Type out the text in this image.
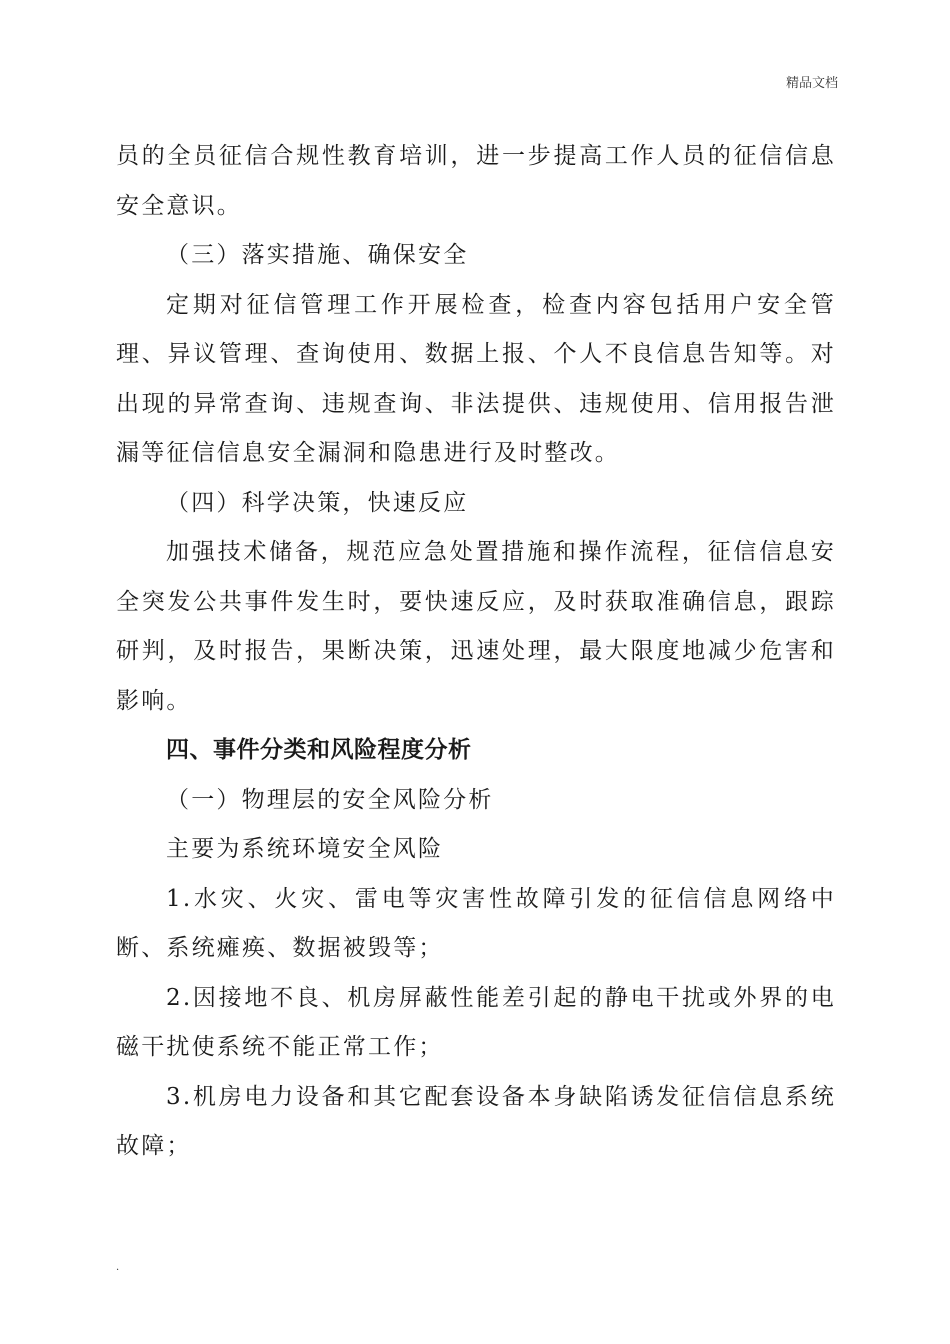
精品文档

员的全员征信合规性教育培训，进一步提高工作人员的征信信息安全意识。

（三）落实措施、确保安全

定期对征信管理工作开展检查，检查内容包括用户安全管理、异议管理、查询使用、数据上报、个人不良信息告知等。对出现的异常查询、违规查询、非法提供、违规使用、信用报告泄漏等征信信息安全漏洞和隐患进行及时整改。

（四）科学决策，快速反应

加强技术储备，规范应急处置措施和操作流程，征信信息安全突发公共事件发生时，要快速反应，及时获取准确信息，跟踪研判，及时报告，果断决策，迅速处理，最大限度地减少危害和影响。

四、事件分类和风险程度分析

（一）物理层的安全风险分析

主要为系统环境安全风险

1.水灾、火灾、雷电等灾害性故障引发的征信信息网络中断、系统瘫痪、数据被毁等；

2.因接地不良、机房屏蔽性能差引起的静电干扰或外界的电磁干扰使系统不能正常工作；

3.机房电力设备和其它配套设备本身缺陷诱发征信信息系统故障；

.
